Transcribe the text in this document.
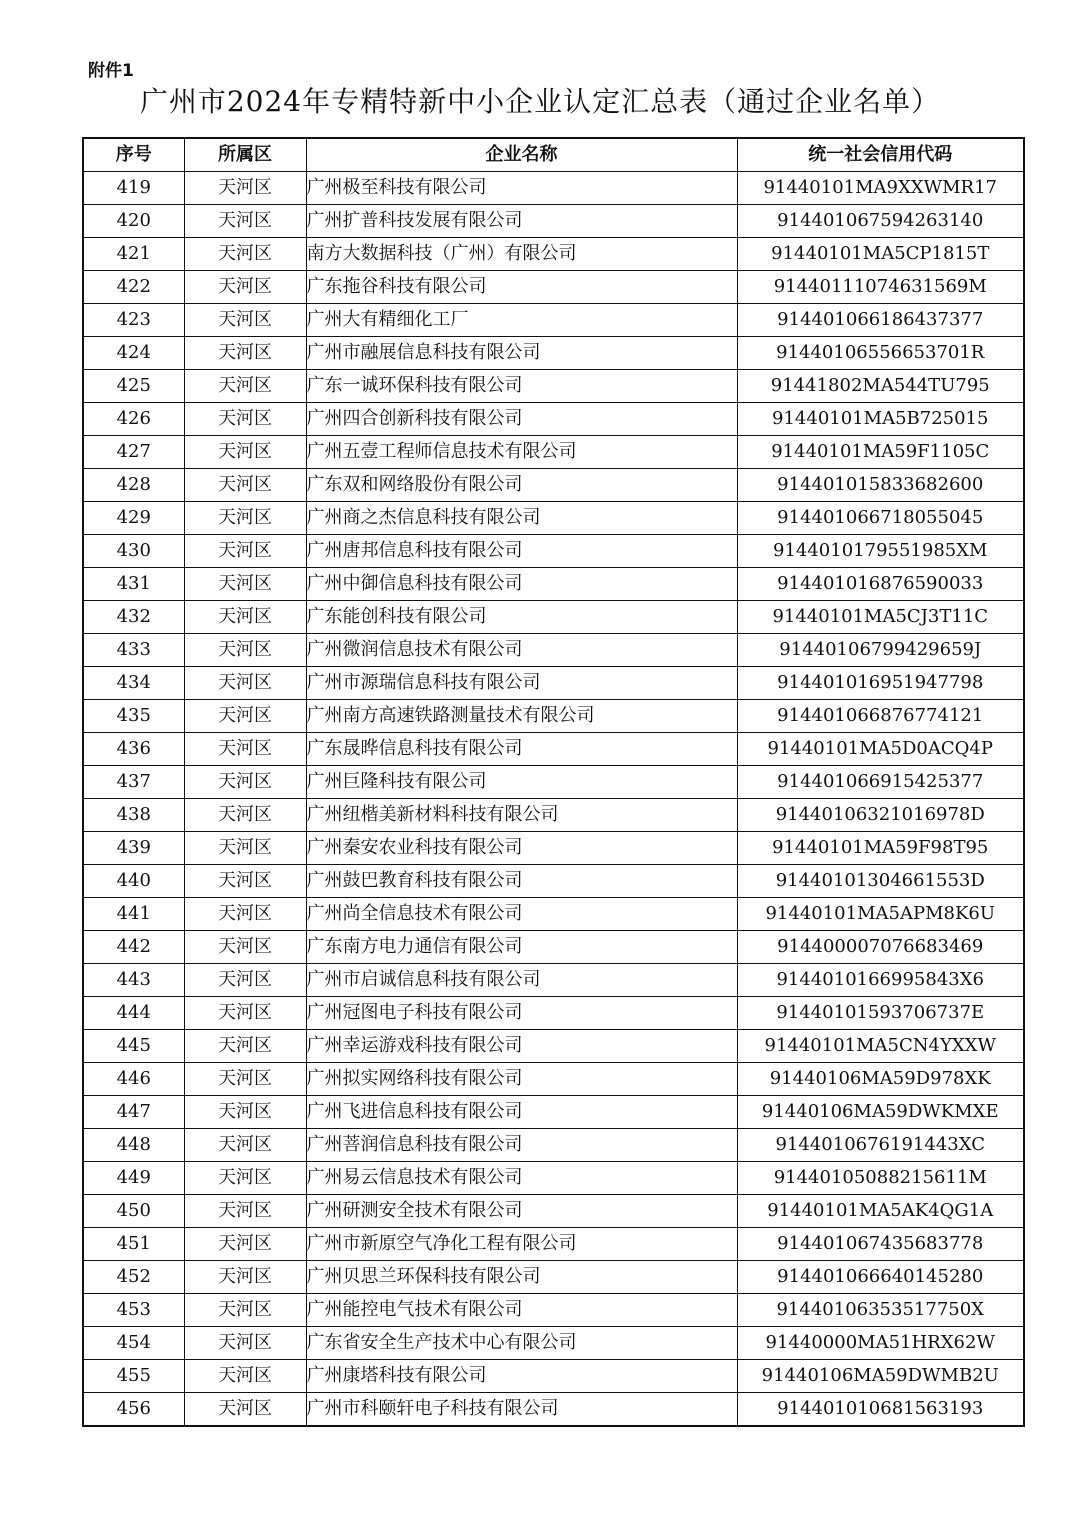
附件1
广州市2024年专精特新中小企业认定汇总表（通过企业名单）
序号	所属区	企业名称	统一社会信用代码
419	天河区	广州极至科技有限公司	91440101MA9XXWMR17
420	天河区	广州扩普科技发展有限公司	914401067594263140
421	天河区	南方大数据科技（广州）有限公司	91440101MA5CP1815T
422	天河区	广东拖谷科技有限公司	91440111074631569M
423	天河区	广州大有精细化工厂	914401066186437377
424	天河区	广州市融展信息科技有限公司	91440106556653701R
425	天河区	广东一诚环保科技有限公司	91441802MA544TU795
426	天河区	广州四合创新科技有限公司	91440101MA5B725015
427	天河区	广州五壹工程师信息技术有限公司	91440101MA59F1105C
428	天河区	广东双和网络股份有限公司	914401015833682600
429	天河区	广州商之杰信息科技有限公司	914401066718055045
430	天河区	广州唐邦信息科技有限公司	9144010179551985XM
431	天河区	广州中御信息科技有限公司	914401016876590033
432	天河区	广东能创科技有限公司	91440101MA5CJ3T11C
433	天河区	广州微润信息技术有限公司	91440106799429659J
434	天河区	广州市源瑞信息科技有限公司	914401016951947798
435	天河区	广州南方高速铁路测量技术有限公司	914401066876774121
436	天河区	广东晟晔信息科技有限公司	91440101MA5D0ACQ4P
437	天河区	广州巨隆科技有限公司	914401066915425377
438	天河区	广州纽楷美新材料科技有限公司	91440106321016978D
439	天河区	广州秦安农业科技有限公司	91440101MA59F98T95
440	天河区	广州鼓巴教育科技有限公司	91440101304661553D
441	天河区	广州尚全信息技术有限公司	91440101MA5APM8K6U
442	天河区	广东南方电力通信有限公司	914400007076683469
443	天河区	广州市启诚信息科技有限公司	9144010166995843X6
444	天河区	广州冠图电子科技有限公司	91440101593706737E
445	天河区	广州幸运游戏科技有限公司	91440101MA5CN4YXXW
446	天河区	广州拟实网络科技有限公司	91440106MA59D978XK
447	天河区	广州飞进信息科技有限公司	91440106MA59DWKMXE
448	天河区	广州菩润信息科技有限公司	9144010676191443XC
449	天河区	广州易云信息技术有限公司	91440105088215611M
450	天河区	广州研测安全技术有限公司	91440101MA5AK4QG1A
451	天河区	广州市新原空气净化工程有限公司	914401067435683778
452	天河区	广州贝思兰环保科技有限公司	914401066640145280
453	天河区	广州能控电气技术有限公司	91440106353517750X
454	天河区	广东省安全生产技术中心有限公司	91440000MA51HRX62W
455	天河区	广州康塔科技有限公司	91440106MA59DWMB2U
456	天河区	广州市科颐轩电子科技有限公司	914401010681563193
